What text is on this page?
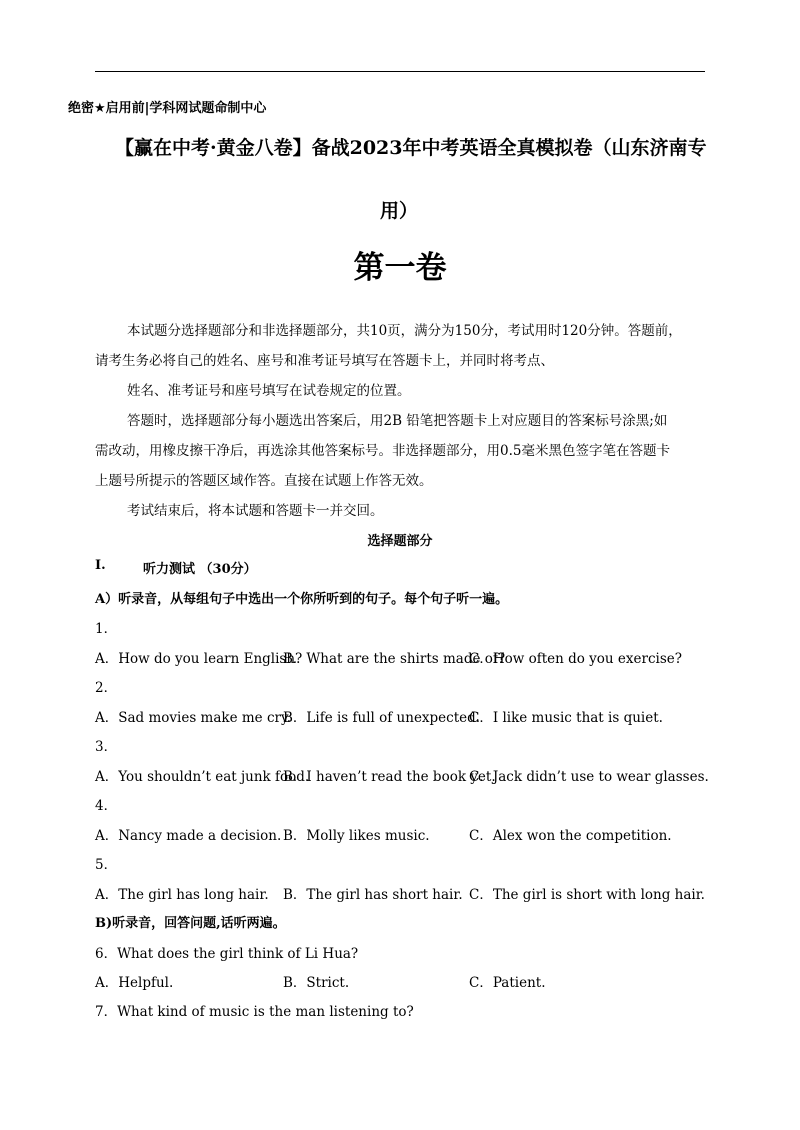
绝密★启用前|学科网试题命制中心
【赢在中考·黄金八卷】备战2023年中考英语全真模拟卷（山东济南专
用）
第一卷
本试题分选择题部分和非选择题部分，共10页，满分为150分，考试用时120分钟。答题前，
请考生务必将自己的姓名、座号和准考证号填写在答题卡上，并同时将考点、
姓名、准考证号和座号填写在试卷规定的位置。
答题时，选择题部分每小题选出答案后，用2B 铅笔把答题卡上对应题目的答案标号涂黑;如
需改动，用橡皮擦干净后，再选涂其他答案标号。非选择题部分，用0.5毫米黑色签字笔在答题卡
上题号所提示的答题区域作答。直接在试题上作答无效。
考试结束后，将本试题和答题卡一并交回。
选择题部分
I.	听力测试 （30分）
A）听录音，从每组句子中选出一个你所听到的句子。每个句子听一遍。
1．
A．How do you learn English?
B．What are the shirts made of?
C．How often do you exercise?
2．
A．Sad movies make me cry.
B．Life is full of unexpected.
C．I like music that is quiet.
3．
A．You shouldn’t eat junk food.
B．I haven’t read the book yet.
C．Jack didn’t use to wear glasses.
4．
A．Nancy made a decision. B．Molly likes music.	C．Alex won the competition.
5．
A．The girl has long hair. B．The girl has short hair. C．The girl is short with long hair.
B)听录音，回答问题,话听两遍。
6．What does the girl think of Li Hua?
A．Helpful.	B．Strict.	C．Patient.
7．What kind of music is the man listening to?
